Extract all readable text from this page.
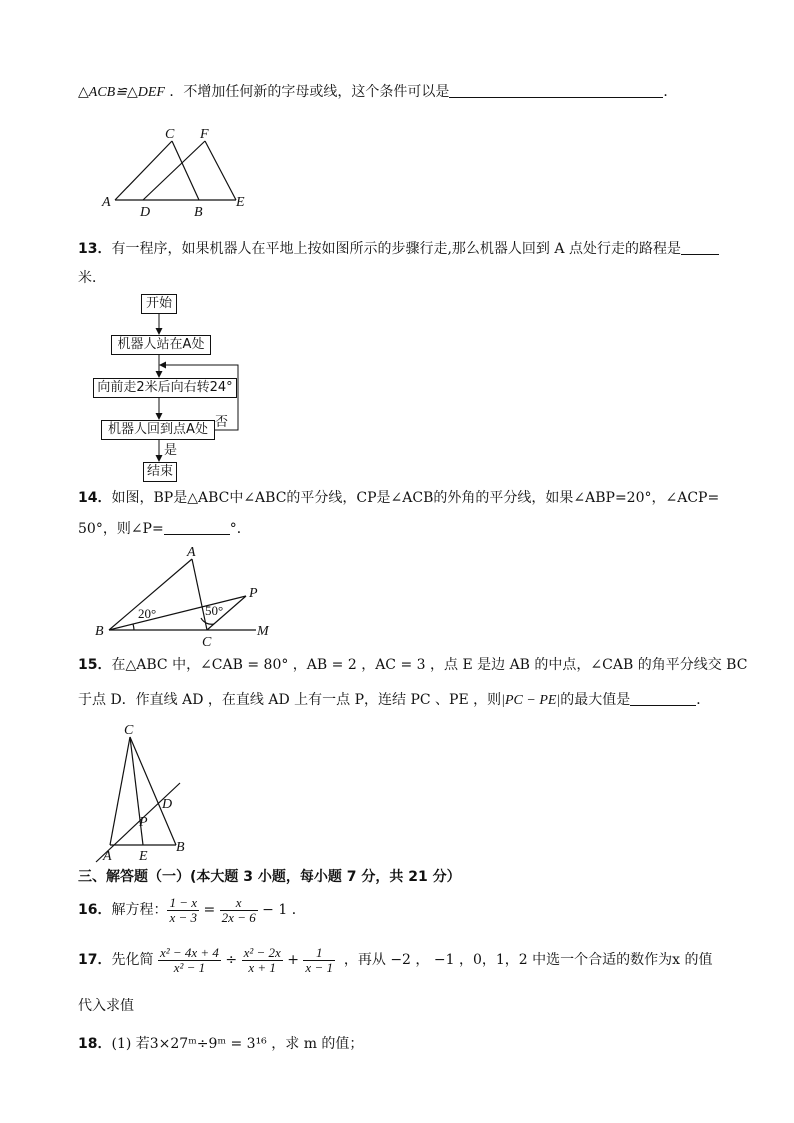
△ACB≌△DEF ．不增加任何新的字母或线，这个条件可以是	．
C F
A
D	B
E
13．有一程序，如果机器人在平地上按如图所示的步骤行走,那么机器人回到 A 点处行走的路程是
米．
开始
机器人站在A处
向前走2米后向右转24°
机器人回到点A处
结束
否
是
14．如图，BP是△ABC中∠ABC的平分线，CP是∠ACB的外角的平分线，如果∠ABP=20°，∠ACP=
50°，则∠P=	°．
A
P
B
C
M
20°	50°
15．在△ABC 中，∠CAB = 80° ，AB = 2 ，AC = 3 ，点 E 是边 AB 的中点，∠CAB 的角平分线交 BC
于点 D．作直线 AD ，在直线 AD 上有一点 P，连结 PC 、PE ，则|PC − PE|的最大值是	．
C
D
P
A E
B
三、解答题（一）(本大题 3 小题，每小题 7 分，共 21 分）
16．解方程： $\frac{1 - x}{x - 3} = \frac{x}{2x - 6} - 1$ ．
17．先化简 $\frac{\text{x² − 4x + 4}}{\text{x² − 1}} \div \frac{\text{x² − 2x}}{x + 1} + \frac{1}{x - 1}$ ，再从 −2 ， −1 ，0，1，2 中选一个合适的数作为x 的值
代入求值
18．(1) 若3×27ᵐ÷9ᵐ = 3¹⁶ ，求 m 的值；
